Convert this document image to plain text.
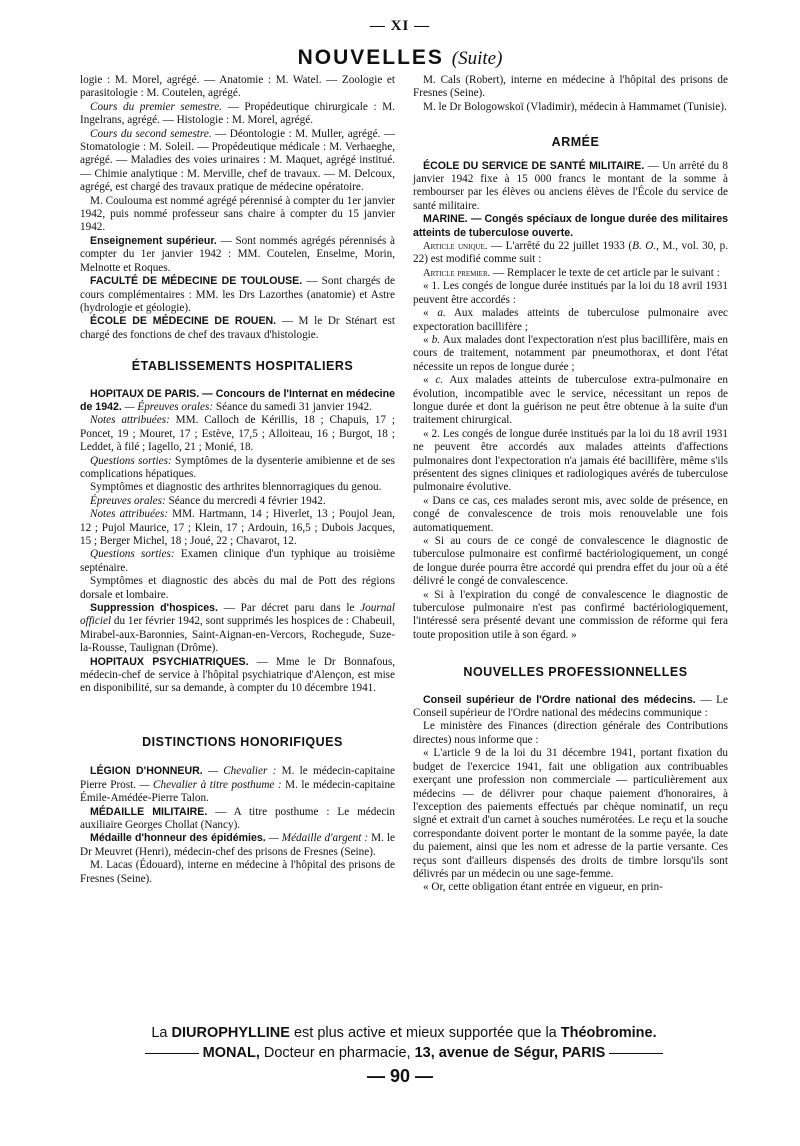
— XI —
NOUVELLES (Suite)

logie : M. Morel, agrégé. — Anatomie : M. Watel. — Zoologie et parasitologie : M. Coutelen, agrégé.

Cours du premier semestre. — Propédeutique chirurgicale : M. Ingelrans, agrégé. — Histologie : M. Morel, agrégé.

Cours du second semestre. — Déontologie : M. Muller, agrégé. — Stomatologie : M. Soleil. — Propédeutique médicale : M. Verhaeghe, agrégé. — Maladies des voies urinaires : M. Maquet, agrégé institué. — Chimie analytique : M. Merville, chef de travaux. — M. Delcoux, agrégé, est chargé des travaux pratique de médecine opératoire.

M. Coulouma est nommé agrégé pérennisé à compter du 1er janvier 1942, puis nommé professeur sans chaire à compter du 15 janvier 1942.

Enseignement supérieur. — Sont nommés agrégés pérennisés à compter du 1er janvier 1942 : MM. Coutelen, Enselme, Morin, Melnotte et Roques.

FACULTÉ DE MÉDECINE DE TOULOUSE. — Sont chargés de cours complémentaires : MM. les Drs Lazorthes (anatomie) et Astre (hydrologie et géologie).

ÉCOLE DE MÉDECINE DE ROUEN. — M le Dr Sténart est chargé des fonctions de chef des travaux d'histologie.

ÉTABLISSEMENTS HOSPITALIERS

HOPITAUX DE PARIS. — Concours de l'Internat en médecine de 1942. — Épreuves orales: Séance du samedi 31 janvier 1942.

Notes attribuées: MM. Calloch de Kérillis, 18 ; Chapuis, 17 ; Poncet, 19 ; Mouret, 17 ; Estève, 17,5 ; Alloiteau, 16 ; Burgot, 18 ; Leddet, à filé ; Iagello, 21 ; Monié, 18.

Questions sorties: Symptômes de la dysenterie amibienne et de ses complications hépatiques.

Symptômes et diagnostic des arthrites blennorragiques du genou.

Épreuves orales: Séance du mercredi 4 février 1942.

Notes attribuées: MM. Hartmann, 14 ; Hiverlet, 13 ; Poujol Jean, 12 ; Pujol Maurice, 17 ; Klein, 17 ; Ardouin, 16,5 ; Dubois Jacques, 15 ; Berger Michel, 18 ; Joué, 22 ; Chavarot, 12.

Questions sorties: Examen clinique d'un typhique au troisième septénaire.

Symptômes et diagnostic des abcès du mal de Pott des régions dorsale et lombaire.

Suppression d'hospices. — Par décret paru dans le Journal officiel du 1er février 1942, sont supprimés les hospices de : Chabeuil, Mirabel-aux-Baronnies, Saint-Aignan-en-Vercors, Rochegude, Suze-la-Rousse, Taulignan (Drôme).

HOPITAUX PSYCHIATRIQUES. — Mme le Dr Bonnafous, médecin-chef de service à l'hôpital psychiatrique d'Alençon, est mise en disponibilité, sur sa demande, à compter du 10 décembre 1941.

DISTINCTIONS HONORIFIQUES

LÉGION D'HONNEUR. — Chevalier : M. le médecin-capitaine Pierre Prost. — Chevalier à titre posthume : M. le médecin-capitaine Émile-Amédée-Pierre Talon.

MÉDAILLE MILITAIRE. — A titre posthume : Le médecin auxiliaire Georges Chollat (Nancy).

Médaille d'honneur des épidémies. — Médaille d'argent : M. le Dr Meuvret (Henri), médecin-chef des prisons de Fresnes (Seine).

M. Lacas (Édouard), interne en médecine à l'hôpital des prisons de Fresnes (Seine).

M. Cals (Robert), interne en médecine à l'hôpital des prisons de Fresnes (Seine).

M. le Dr Bologowskoï (Vladimir), médecin à Hammamet (Tunisie).

ARMÉE

ÉCOLE DU SERVICE DE SANTÉ MILITAIRE. — Un arrêté du 8 janvier 1942 fixe à 15 000 francs le montant de la somme à rembourser par les élèves ou anciens élèves de l'École du service de santé militaire.

MARINE. — Congés spéciaux de longue durée des militaires atteints de tuberculose ouverte.

Article unique. — L'arrêté du 22 juillet 1933 (B. O., M., vol. 30, p. 22) est modifié comme suit :

Article premier. — Remplacer le texte de cet article par le suivant :

« 1. Les congés de longue durée institués par la loi du 18 avril 1931 peuvent être accordés :

« a. Aux malades atteints de tuberculose pulmonaire avec expectoration bacillifère ;

« b. Aux malades dont l'expectoration n'est plus bacillifère, mais en cours de traitement, notamment par pneumothorax, et dont l'état nécessite un repos de longue durée ;

« c. Aux malades atteints de tuberculose extra-pulmonaire en évolution, incompatible avec le service, nécessitant un repos de longue durée et dont la guérison ne peut être obtenue à la suite d'un traitement chirurgical.

« 2. Les congés de longue durée institués par la loi du 18 avril 1931 ne peuvent être accordés aux malades atteints d'affections pulmonaires dont l'expectoration n'a jamais été bacillifère, même s'ils présentent des signes cliniques et radiologiques avérés de tuberculose pulmonaire évolutive.

« Dans ce cas, ces malades seront mis, avec solde de présence, en congé de convalescence de trois mois renouvelable une fois automatiquement.

« Si au cours de ce congé de convalescence le diagnostic de tuberculose pulmonaire est confirmé bactériologiquement, un congé de longue durée pourra être accordé qui prendra effet du jour où a été délivré le congé de convalescence.

« Si à l'expiration du congé de convalescence le diagnostic de tuberculose pulmonaire n'est pas confirmé bactériologiquement, l'intéressé sera présenté devant une commission de réforme qui fera toute proposition utile à son égard. »

NOUVELLES PROFESSIONNELLES

Conseil supérieur de l'Ordre national des médecins. — Le Conseil supérieur de l'Ordre national des médecins communique :

Le ministère des Finances (direction générale des Contributions directes) nous informe que :

« L'article 9 de la loi du 31 décembre 1941, portant fixation du budget de l'exercice 1941, fait une obligation aux contribuables exerçant une profession non commerciale — particulièrement aux médecins — de délivrer pour chaque paiement d'honoraires, à l'exception des paiements effectués par chèque nominatif, un reçu signé et extrait d'un carnet à souches numérotées. Le reçu et la souche correspondante doivent porter le montant de la somme payée, la date du paiement, ainsi que les nom et adresse de la partie versante. Ces reçus sont d'ailleurs dispensés des droits de timbre lorsqu'ils sont délivrés par un médecin ou une sage-femme.

« Or, cette obligation étant entrée en vigueur, en prin-

La DIUROPHYLLINE est plus active et mieux supportée que la Théobromine.
MONAL, Docteur en pharmacie, 13, avenue de Ségur, PARIS
— 90 —
